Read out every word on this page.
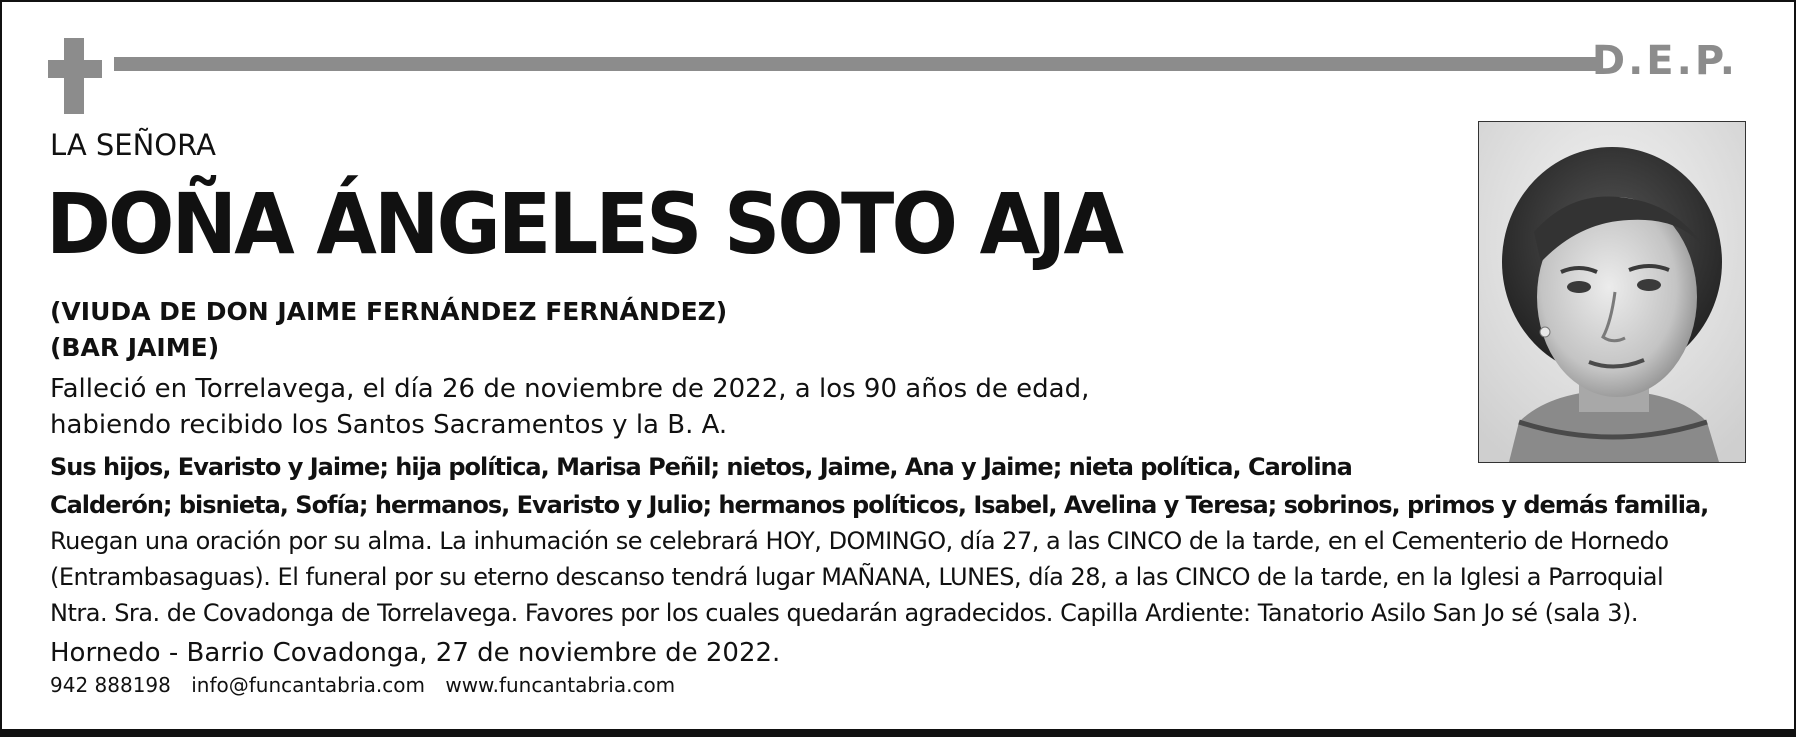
D.E.P.
LA SEÑORA
DOÑA ÁNGELES SOTO AJA
(VIUDA DE DON JAIME FERNÁNDEZ FERNÁNDEZ)
(BAR JAIME)
Falleció en Torrelavega, el día 26 de noviembre de 2022, a los 90 años de edad,
habiendo recibido los Santos Sacramentos y la B. A.
Sus hijos, Evaristo y Jaime; hija política, Marisa Peñil; nietos, Jaime, Ana y Jaime; nieta política, Carolina
Calderón; bisnieta, Sofía; hermanos, Evaristo y Julio; hermanos políticos, Isabel, Avelina y Teresa; sobrinos, primos y demás familia,
Ruegan una oración por su alma. La inhumación se celebrará HOY, DOMINGO, día 27, a las CINCO de la tarde, en el Cementerio de Hornedo
(Entrambasaguas). El funeral por su eterno descanso tendrá lugar MAÑANA, LUNES, día 28, a las CINCO de la tarde, en la Iglesi a Parroquial
Ntra. Sra. de Covadonga de Torrelavega. Favores por los cuales quedarán agradecidos. Capilla Ardiente: Tanatorio Asilo San Jo sé (sala 3).
Hornedo - Barrio Covadonga, 27 de noviembre de 2022.
942 888198 info@funcantabria.com www.funcantabria.com
